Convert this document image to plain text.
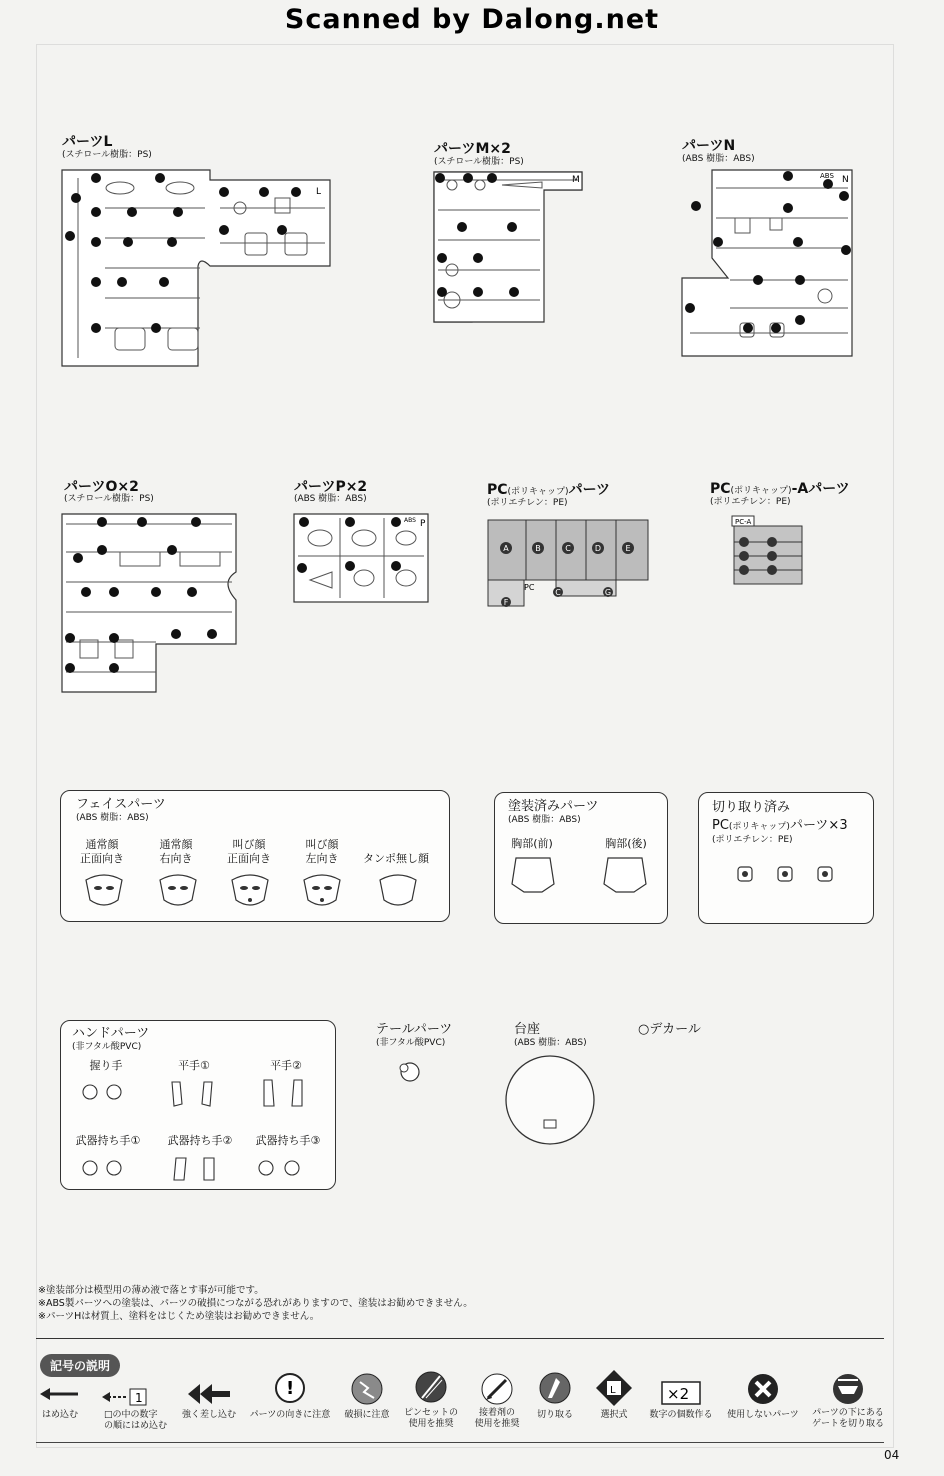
Scanned by Dalong.net
パーツL
(スチロール樹脂：PS)
L
パーツM×2
(スチロール樹脂：PS)
M
パーツN
(ABS 樹脂：ABS)
ABS N
パーツO×2
(スチロール樹脂：PS)
パーツP×2
(ABS 樹脂：ABS)
ABS P
PC(ポリキャップ)パーツ
(ポリエチレン：PE)
A	B	C	D	E
F
C	G
PC
PC(ポリキャップ)-Aパーツ
(ポリエチレン：PE)
PC-A
フェイスパーツ
(ABS 樹脂：ABS)
通常顔
正面向き
通常顔
右向き
叫び顔
正面向き
叫び顔
左向き	タンポ無し顔
塗装済みパーツ
(ABS 樹脂：ABS)
胸部(前)	胸部(後)
切り取り済み
PC(ポリキャップ)パーツ×3
(ポリエチレン：PE)
ハンドパーツ
(非フタル酸PVC)
握り手	平手①	平手②
武器持ち手①	武器持ち手②	武器持ち手③
テールパーツ
(非フタル酸PVC)
台座
(ABS 樹脂：ABS)
○デカール
※塗装部分は模型用の薄め液で落とす事が可能です。
※ABS製パーツへの塗装は、パーツの破損につながる恐れがありますので、塗装はお勧めできません。
※パーツHは材質上、塗料をはじくため塗装はお勧めできません。
記号の説明
はめ込む
1
□の中の数字
の順にはめ込む
強く差し込む
!
パーツの向きに注意	破損に注意	ピンセットの
使用を推奨
接着剤の
使用を推奨
切り取る
L
選択式
×2
数字の個数作る	使用しないパーツ	パーツの下にある
ゲートを切り取る
04
